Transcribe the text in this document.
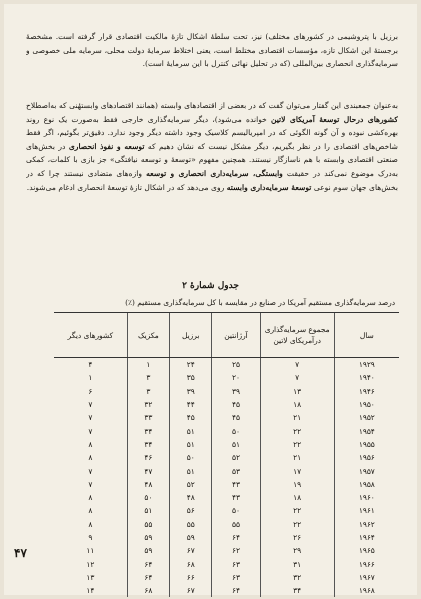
برزیل با پتروشیمی در کشورهای مختلف) نیز، تحت سلطهٔ اشکال تازهٔ مالکیت اقتصادی قرار گرفته است. مشخصهٔ برجستهٔ این اشکال تازه، مؤسسات اقتصادی مختلط است، یعنی اختلاط سرمایهٔ دولت محلی، سرمایه ملی خصوصی و سرمایه‌گذاری انحصاری بین‌المللی (که در تحلیل نهائی کنترل با این سرمایهٔ است).

به‌عنوان جمعبندی این گفتار می‌توان گفت که در بعضی از اقتصادهای وابسته (همانند اقتصادهای وابستهٔنی که به‌اصطلاح کشورهای درحال توسعهٔ آمریکای لاتین خوانده می‌شود)، دیگر سرمایه‌گذاری خارجی فقط به‌صورت یک نوع روند بهره‌کشی نبوده و آن گونه الگوئی که در امپریالیسم کلاسیک وجود داشته دیگر وجود ندارد. دقیق‌تر بگوئیم، اگر فقط شاخص‌های اقتصادی را در نظر بگیریم، دیگر مشکل نیست که نشان دهیم که توسعه و نفوذ انحصاری در بخش‌های صنعتی اقتصادی وابسته با هم ناسازگار نیستند. همچنین مفهوم «توسعهٔ و توسعه نیافتگی» جز بازی با کلمات، کمکی به‌درک موضوع نمی‌کند در حقیقت وابستگی، سرمایه‌داری انحصاری و توسعه وازه‌های متضادی نیستند چرا که در بخش‌های جهان سوم نوعی توسعهٔ سرمایه‌داری وابسته روی می‌دهد که در اشکال تازهٔ توسعهٔ انحصاری ادغام می‌شوند.

جدول شمارهٔ ۲
درصد سرمایه‌گذاری مستقیم آمریکا در صنایع در مقایسه با کل سرمایه‌گذاری مستقیم (٪)
سال	مجموع سرمایه‌گذاری در‌آمریکای لاتین	آرژانتین	برزیل	مکزیک	کشورهای دیگر
۱۹۲۹	۷	۲۵	۲۴	۱	۴
۱۹۴۰	۷	۲۰	۳۵	۳	۱
۱۹۴۶	۱۳	۳۹	۳۹	۳	۶
۱۹۵۰	۱۸	۴۵	۴۴	۳۲	۷
۱۹۵۲	۲۱	۴۵	۴۵	۳۳	۷
۱۹۵۴	۲۲	۵۰	۵۱	۳۴	۷
۱۹۵۵	۲۲	۵۱	۵۱	۳۴	۸
۱۹۵۶	۲۱	۵۲	۵۰	۴۶	۸
۱۹۵۷	۱۷	۵۳	۵۱	۴۷	۷
۱۹۵۸	۱۹	۴۳	۵۲	۴۸	۷
۱۹۶۰	۱۸	۴۳	۴۸	۵۰	۸
۱۹۶۱	۲۲	۵۰	۵۶	۵۱	۸
۱۹۶۲	۲۲	۵۵	۵۵	۵۵	۸
۱۹۶۴	۲۶	۶۴	۵۹	۵۹	۹
۱۹۶۵	۲۹	۶۲	۶۷	۵۹	۱۱
۱۹۶۶	۳۱	۶۳	۶۸	۶۴	۱۲
۱۹۶۷	۳۲	۶۳	۶۶	۶۴	۱۳
۱۹۶۸	۳۴	۶۴	۶۷	۶۸	۱۴
۴۷
